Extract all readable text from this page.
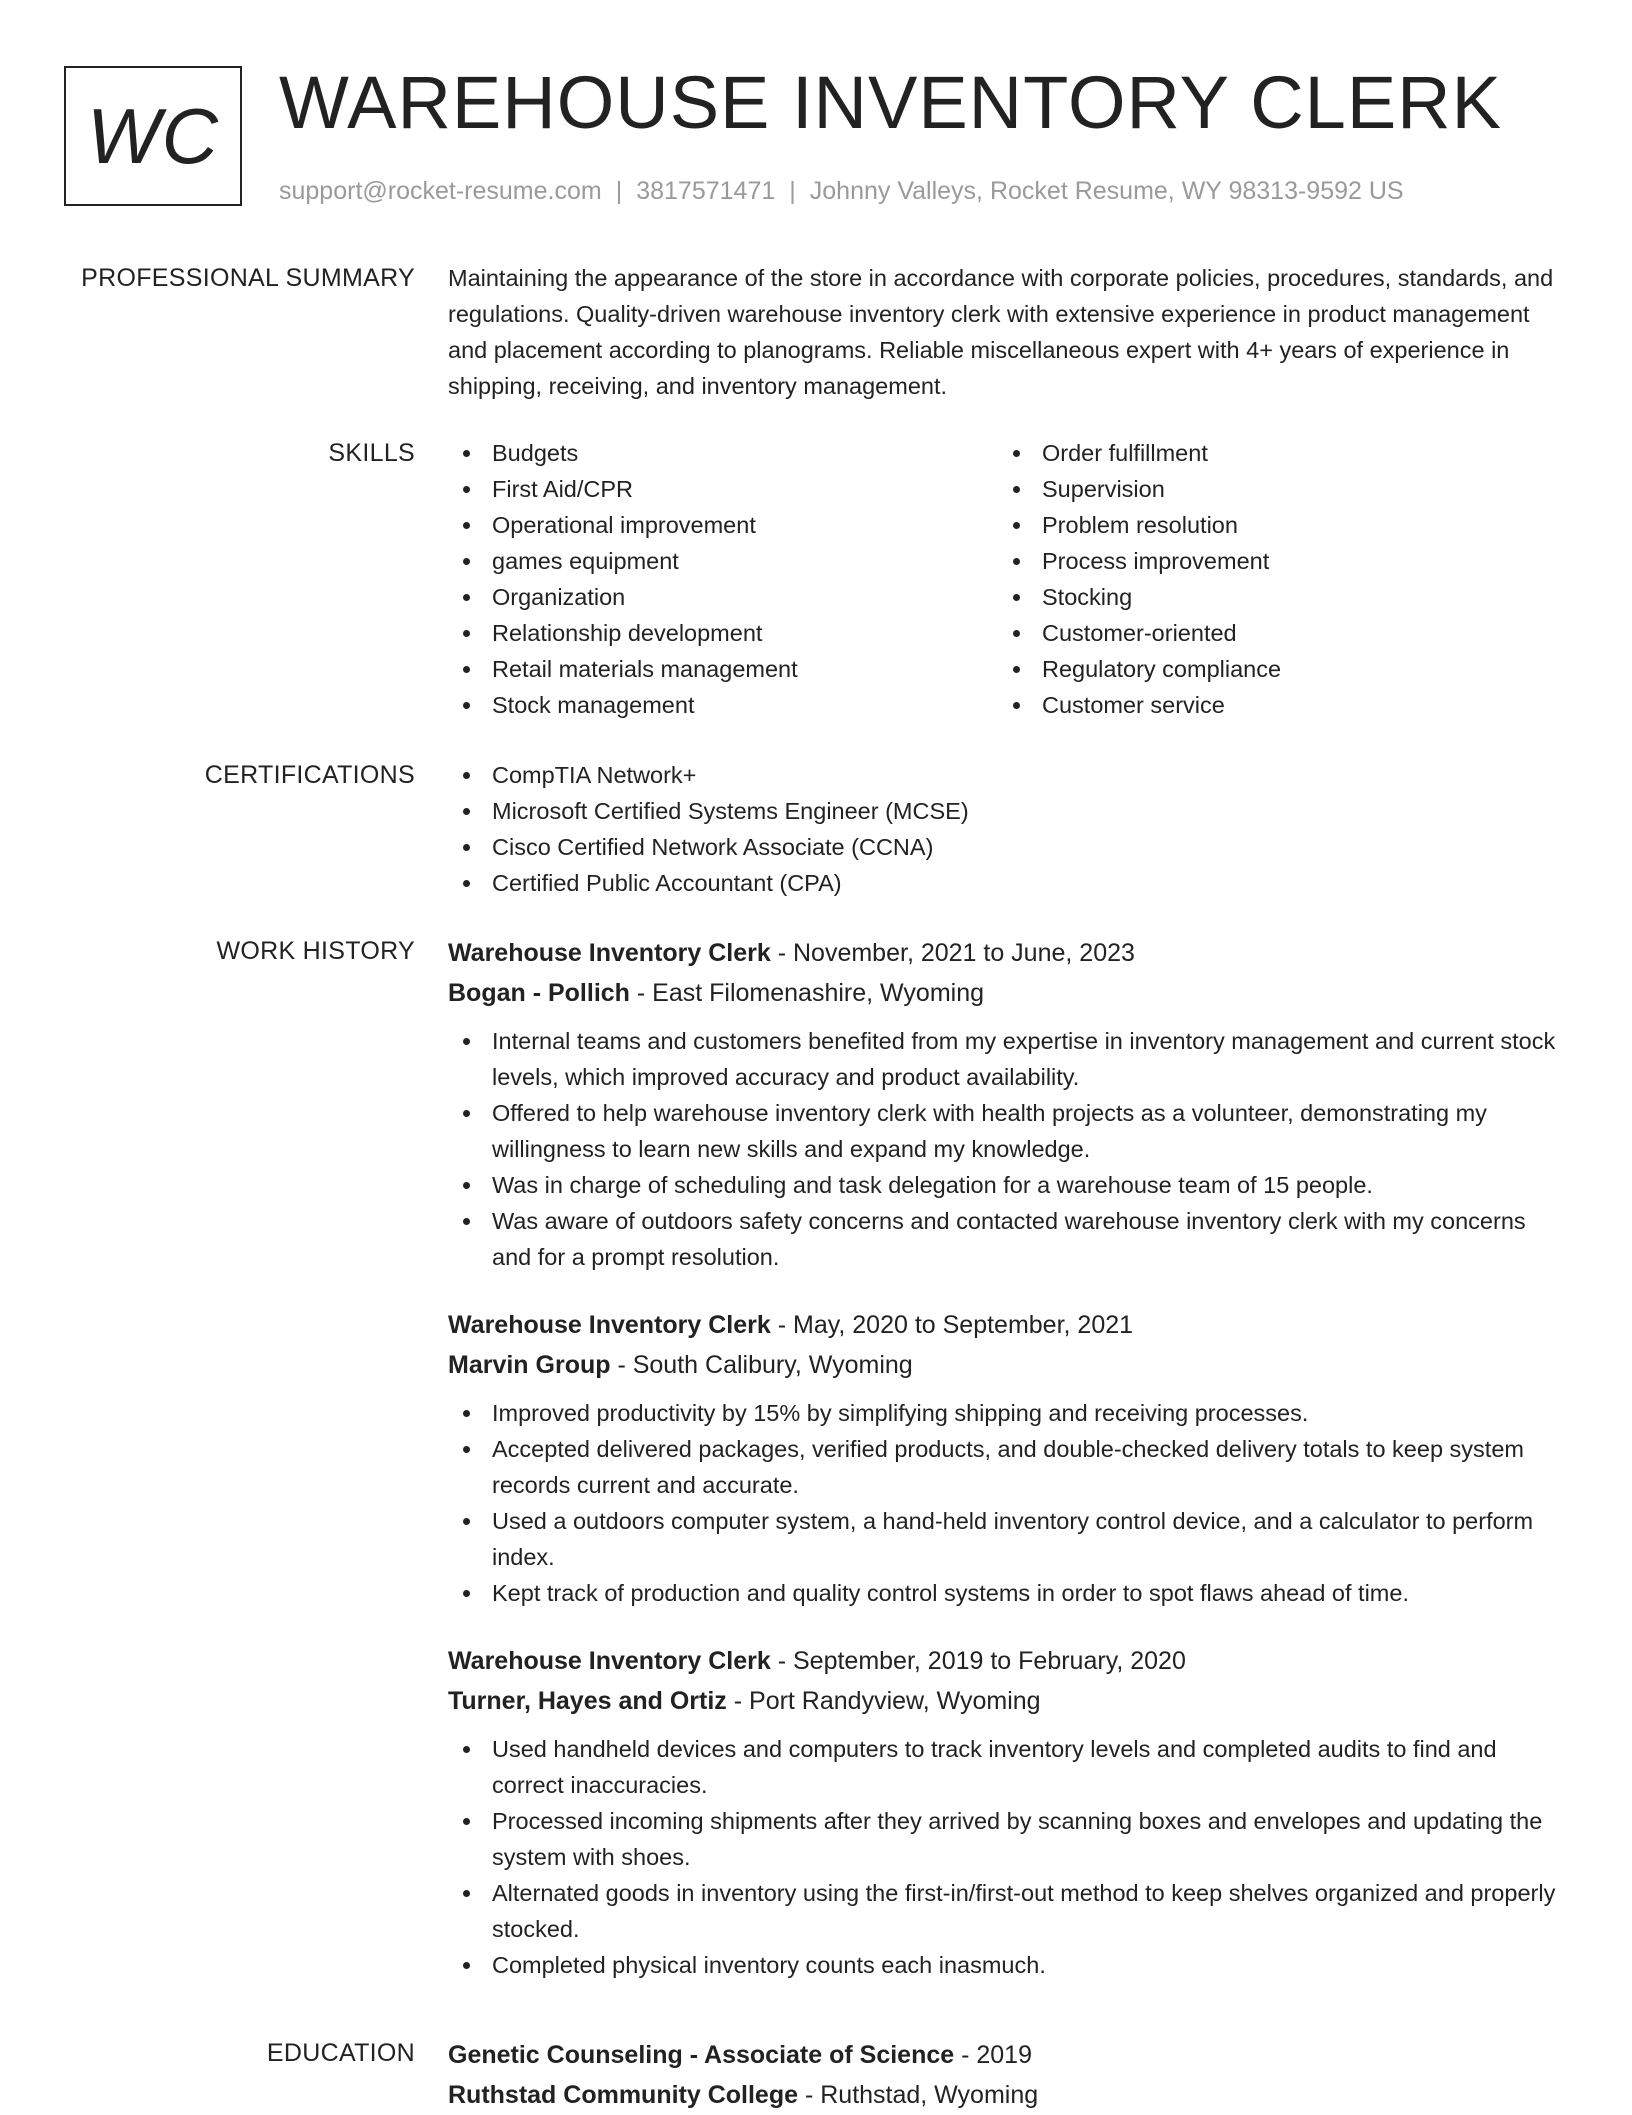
WC WAREHOUSE INVENTORY CLERK
support@rocket-resume.com | 3817571471 | Johnny Valleys, Rocket Resume, WY 98313-9592 US
PROFESSIONAL SUMMARY Maintaining the appearance of the store in accordance with corporate policies, procedures, standards, and regulations. Quality-driven warehouse inventory clerk with extensive experience in product management and placement according to planograms. Reliable miscellaneous expert with 4+ years of experience in shipping, receiving, and inventory management.

SKILLS	Budgets
First Aid/CPR
Operational improvement
games equipment
Organization
Relationship development
Retail materials management
Stock management
Order fulfillment
Supervision
Problem resolution
Process improvement
Stocking
Customer-oriented
Regulatory compliance
Customer service
CERTIFICATIONS	CompTIA Network+
Microsoft Certified Systems Engineer (MCSE)
Cisco Certified Network Associate (CCNA)
Certified Public Accountant (CPA)
WORK HISTORY Warehouse Inventory Clerk - November, 2021 to June, 2023
Bogan - Pollich - East Filomenashire, Wyoming
Internal teams and customers benefited from my expertise in inventory management and current stock levels, which improved accuracy and product availability.
Offered to help warehouse inventory clerk with health projects as a volunteer, demonstrating my willingness to learn new skills and expand my knowledge.
Was in charge of scheduling and task delegation for a warehouse team of 15 people.
Was aware of outdoors safety concerns and contacted warehouse inventory clerk with my concerns and for a prompt resolution.
Warehouse Inventory Clerk - May, 2020 to September, 2021
Marvin Group - South Calibury, Wyoming
Improved productivity by 15% by simplifying shipping and receiving processes.
Accepted delivered packages, verified products, and double-checked delivery totals to keep system records current and accurate.
Used a outdoors computer system, a hand-held inventory control device, and a calculator to perform index.
Kept track of production and quality control systems in order to spot flaws ahead of time.
Warehouse Inventory Clerk - September, 2019 to February, 2020
Turner, Hayes and Ortiz - Port Randyview, Wyoming
Used handheld devices and computers to track inventory levels and completed audits to find and correct inaccuracies.
Processed incoming shipments after they arrived by scanning boxes and envelopes and updating the system with shoes.
Alternated goods in inventory using the first-in/first-out method to keep shelves organized and properly stocked.
Completed physical inventory counts each inasmuch.
EDUCATION Genetic Counseling - Associate of Science - 2019
Ruthstad Community College - Ruthstad, Wyoming
